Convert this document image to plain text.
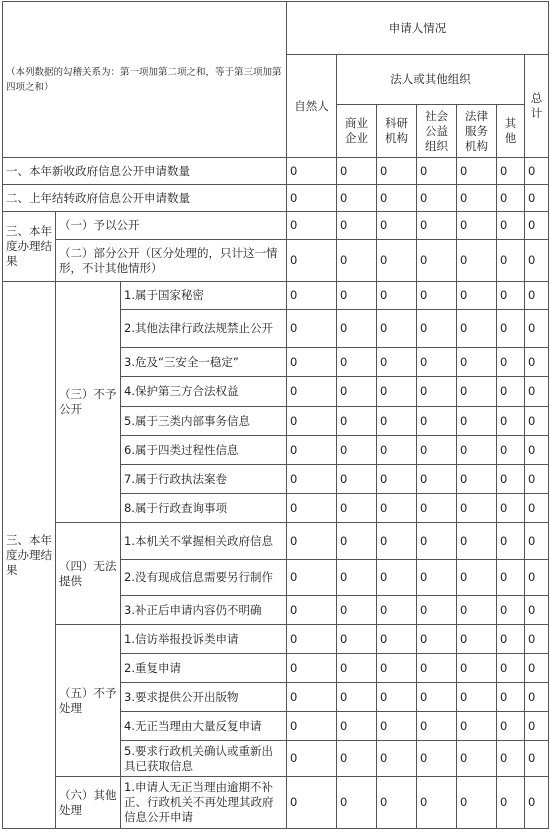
（本列数据的勾稽关系为：第一项加第二项之和，等于第三项加第四项之和）			申请人情况						
			自然人	法人或其他组织					总计
				商业企业	科研机构	社会公益组织	法律服务机构	其他	
一、本年新收政府信息公开申请数量			0	0	0	0	0	0	0
二、上年结转政府信息公开申请数量			0	0	0	0	0	0	0
三、本年度办理结果	（一）予以公开		0	0	0	0	0	0	0
	（二）部分公开（区分处理的，只计这一情形，不计其他情形）		0	0	0	0	0	0	0
三、本年度办理结果	（三）不予公开	1.属于国家秘密	0	0	0	0	0	0	0
		2.其他法律行政法规禁止公开	0	0	0	0	0	0	0
		3.危及“三安全一稳定”	0	0	0	0	0	0	0
		4.保护第三方合法权益	0	0	0	0	0	0	0
		5.属于三类内部事务信息	0	0	0	0	0	0	0
		6.属于四类过程性信息	0	0	0	0	0	0	0
		7.属于行政执法案卷	0	0	0	0	0	0	0
		8.属于行政查询事项	0	0	0	0	0	0	0
	（四）无法提供	1.本机关不掌握相关政府信息	0	0	0	0	0	0	0
		2.没有现成信息需要另行制作	0	0	0	0	0	0	0
		3.补正后申请内容仍不明确	0	0	0	0	0	0	0
	（五）不予处理	1.信访举报投诉类申请	0	0	0	0	0	0	0
		2.重复申请	0	0	0	0	0	0	0
		3.要求提供公开出版物	0	0	0	0	0	0	0
		4.无正当理由大量反复申请	0	0	0	0	0	0	0
		5.要求行政机关确认或重新出具已获取信息	0	0	0	0	0	0	0
	（六）其他处理	1.申请人无正当理由逾期不补正、行政机关不再处理其政府信息公开申请	0	0	0	0	0	0	0
